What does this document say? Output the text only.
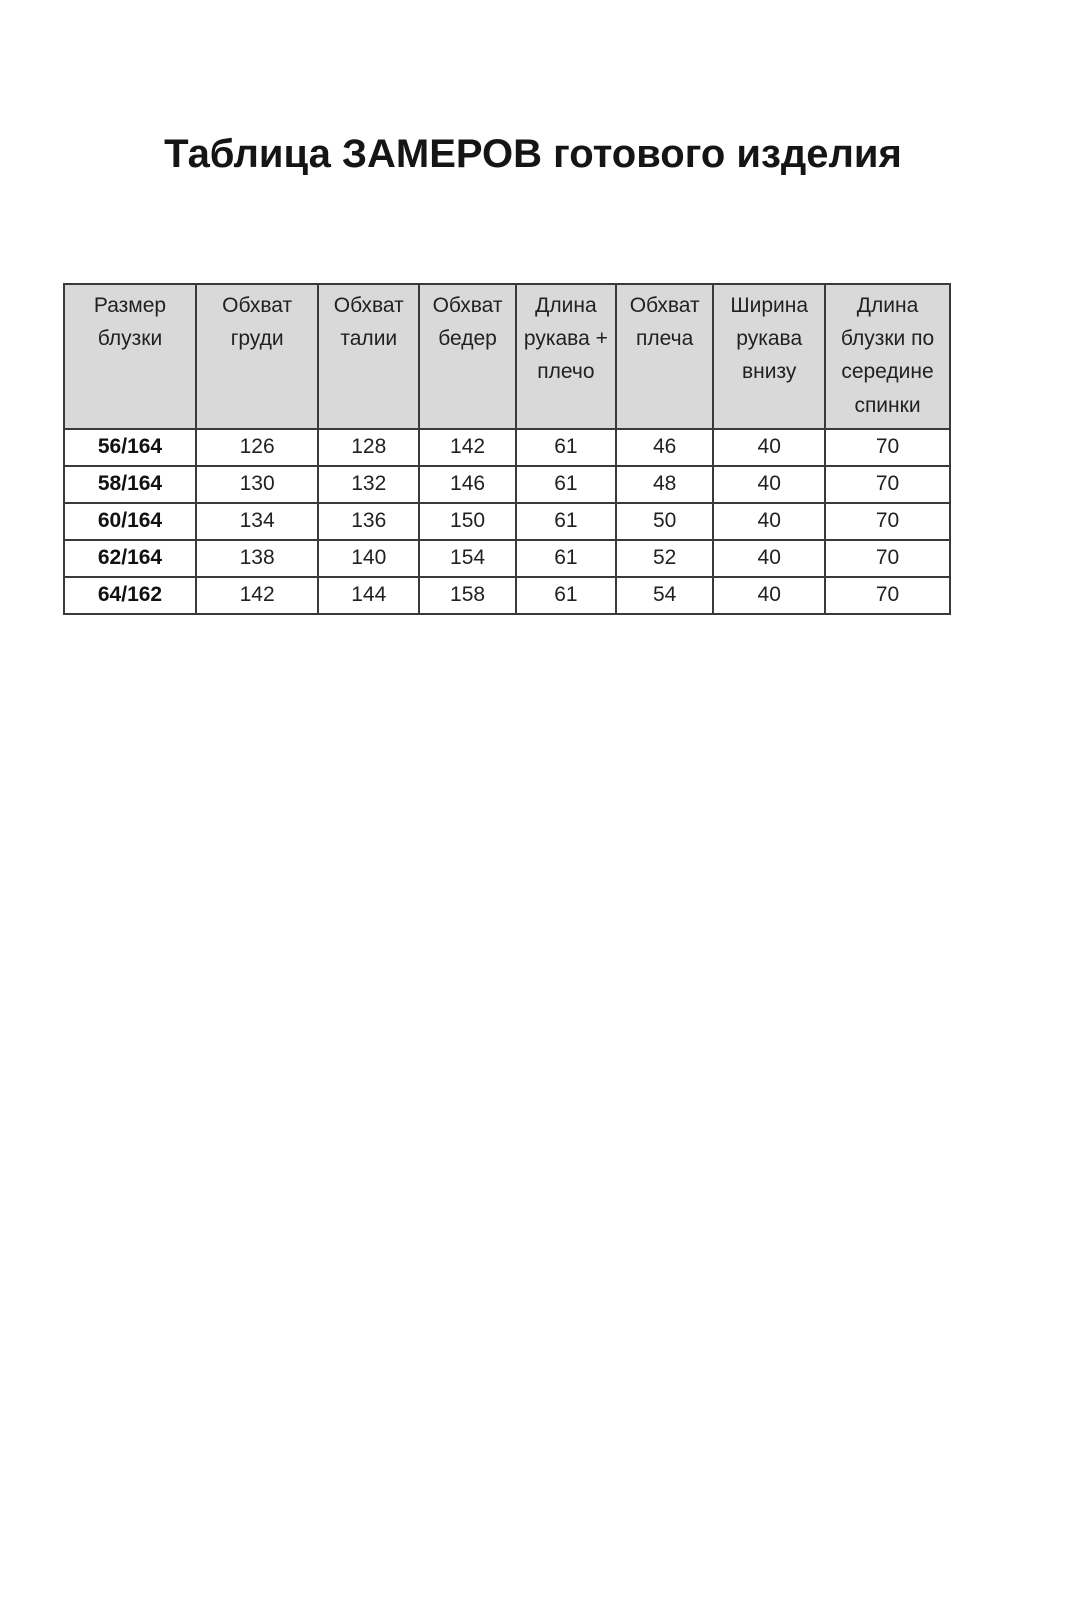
Таблица ЗАМЕРОВ готового изделия
Размер блузки	Обхват груди	Обхват талии	Обхват бедер	Длина рукава + плечо	Обхват плеча	Ширина рукава внизу	Длина блузки по середине спинки
56/164	126	128	142	61	46	40	70
58/164	130	132	146	61	48	40	70
60/164	134	136	150	61	50	40	70
62/164	138	140	154	61	52	40	70
64/162	142	144	158	61	54	40	70
